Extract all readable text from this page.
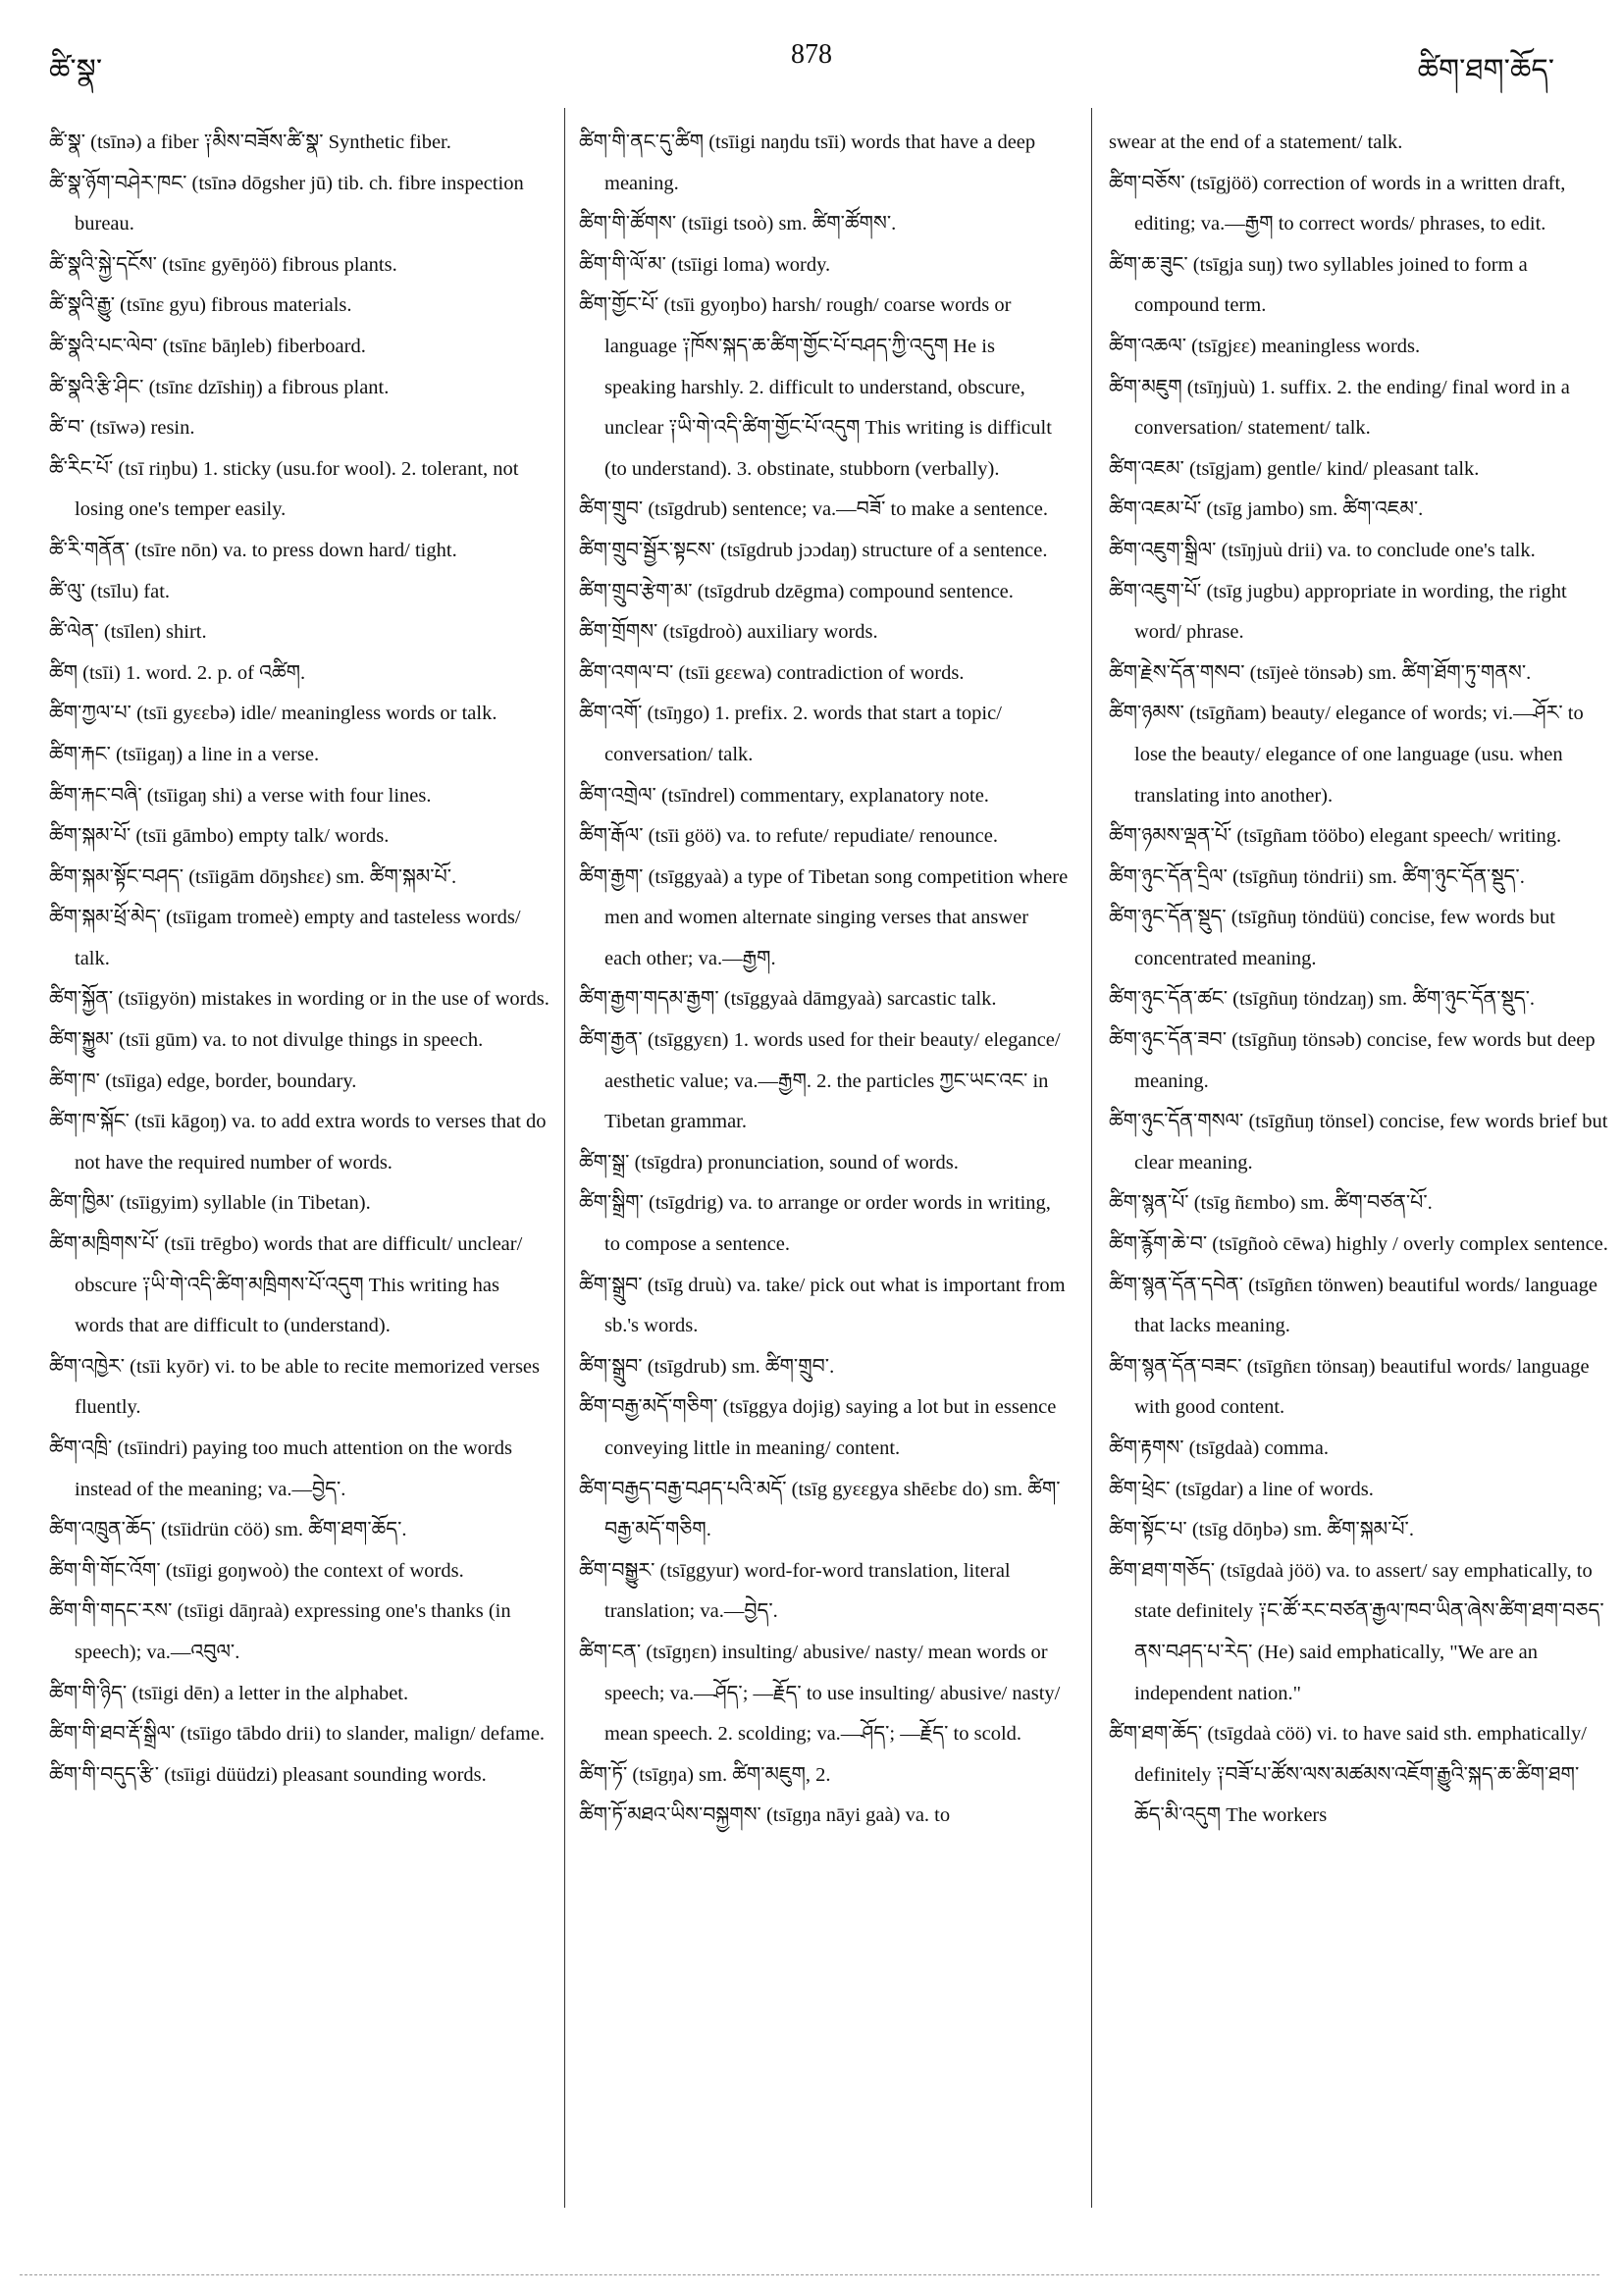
ཚི་སྣ་	878	ཚིག་ཐག་ཆོད་

ཚི་སྣ་ (tsīnə) a fiber ༑མིས་བཟོས་ཚི་སྣ་ Synthetic fiber.

ཚི་སྣ་ཉོག་བཤེར་ཁང་ (tsīnə dōgsher jū) tib. ch. fibre inspection bureau.

ཚི་སྣའི་སྐྱེ་དངོས་ (tsīnε gyēŋöö) fibrous plants.

ཚི་སྣའི་རྒྱུ་ (tsīnε gyu) fibrous materials.

ཚི་སྣའི་པང་ལེབ་ (tsīnε bāŋleb) fiberboard.

ཚི་སྣའི་རྩི་ཤིང་ (tsīnε dzīshiŋ) a fibrous plant.

ཚི་བ་ (tsīwə) resin.

ཚི་རིང་པོ་ (tsī riŋbu) 1. sticky (usu.for wool). 2. tolerant, not losing one's temper easily.

ཚི་རི་གནོན་ (tsīre nōn) va. to press down hard/ tight.

ཚི་ལུ་ (tsīlu) fat.

ཚི་ལེན་ (tsīlen) shirt.

ཚིག (tsīi) 1. word. 2. p. of འཚིག.

ཚིག་ཀྱལ་པ་ (tsīi gyεεbə) idle/ meaningless words or talk.

ཚིག་རྐང་ (tsīigaŋ) a line in a verse.

ཚིག་རྐང་བཞི་ (tsīigaŋ shi) a verse with four lines.

ཚིག་སྐམ་པོ་ (tsīi gāmbo) empty talk/ words.

ཚིག་སྐམ་སྟོང་བཤད་ (tsīigām dōŋshεε) sm. ཚིག་སྐམ་པོ་.

ཚིག་སྐམ་ཕྲོ་མེད་ (tsīigam tromeè) empty and tasteless words/ talk.

ཚིག་སྐྱོན་ (tsīigyön) mistakes in wording or in the use of words.

ཚིག་སྐྱུམ་ (tsīi gūm) va. to not divulge things in speech.

ཚིག་ཁ་ (tsīiga) edge, border, boundary.

ཚིག་ཁ་སྐོང་ (tsīi kāgoŋ) va. to add extra words to verses that do not have the required number of words.

ཚིག་ཁྱིམ་ (tsīigyim) syllable (in Tibetan).

ཚིག་མཁྲིགས་པོ་ (tsīi trēgbo) words that are difficult/ unclear/ obscure ༑ཡི་གེ་འདི་ཚིག་མཁྲིགས་པོ་འདུག This writing has words that are difficult to (understand).

ཚིག་འཁྱེར་ (tsīi kyōr) vi. to be able to recite memorized verses fluently.

ཚིག་འཁྲི་ (tsīindri) paying too much attention on the words instead of the meaning; va.—བྱེད་.

ཚིག་འཁྲུན་ཆོད་ (tsīidrün cöö) sm. ཚིག་ཐག་ཆོད་.

ཚིག་གི་གོང་འོག་ (tsīigi goŋwoò) the context of words.

ཚིག་གི་གདང་རས་ (tsīigi dāŋraà) expressing one's thanks (in speech); va.—འབུལ་.

ཚིག་གི་ཉིད་ (tsīigi dēn) a letter in the alphabet.

ཚིག་གི་ཐབ་རྡོ་སྒྲིལ་ (tsīigo tābdo drii) to slander, malign/ defame.

ཚིག་གི་བདུད་རྩི་ (tsīigi düüdzi) pleasant sounding words.

ཚིག་གི་ནང་དུ་ཚིག (tsīigi naŋdu tsīi) words that have a deep meaning.

ཚིག་གི་ཚོགས་ (tsīigi tsoò) sm. ཚིག་ཚོགས་.

ཚིག་གི་ལོ་མ་ (tsīigi loma) wordy.

ཚིག་གྱོང་པོ་ (tsīi gyoŋbo) harsh/ rough/ coarse words or language ༑ཁོས་སྐད་ཆ་ཚིག་གྱོང་པོ་བཤད་ཀྱི་འདུག He is speaking harshly. 2. difficult to understand, obscure, unclear ༑ཡི་གེ་འདི་ཚིག་གྱོང་པོ་འདུག This writing is difficult (to understand). 3. obstinate, stubborn (verbally).

ཚིག་གྲུབ་ (tsīgdrub) sentence; va.—བཟོ་ to make a sentence.

ཚིག་གྲུབ་སྦྱོར་སྟངས་ (tsīgdrub jɔɔdaŋ) structure of a sentence.

ཚིག་གྲུབ་རྩེག་མ་ (tsīgdrub dzēgma) compound sentence.

ཚིག་གྲོགས་ (tsīgdroò) auxiliary words.

ཚིག་འགལ་བ་ (tsīi gεεwa) contradiction of words.

ཚིག་འགོ་ (tsīŋgo) 1. prefix. 2. words that start a topic/ conversation/ talk.

ཚིག་འགྲེལ་ (tsīndrel) commentary, explanatory note.

ཚིག་རྒོལ་ (tsīi göö) va. to refute/ repudiate/ renounce.

ཚིག་རྒྱག་ (tsīggyaà) a type of Tibetan song competition where men and women alternate singing verses that answer each other; va.—རྒྱག.

ཚིག་རྒྱག་གདམ་རྒྱག་ (tsīggyaà dāmgyaà) sarcastic talk.

ཚིག་རྒྱན་ (tsīggyεn) 1. words used for their beauty/ elegance/ aesthetic value; va.—རྒྱག. 2. the particles ཀྱང་ཡང་འང་ in Tibetan grammar.

ཚིག་སྒྲ་ (tsīgdra) pronunciation, sound of words.

ཚིག་སྒྲིག་ (tsīgdrig) va. to arrange or order words in writing, to compose a sentence.

ཚིག་སྒྲུབ་ (tsīg druù) va. take/ pick out what is important from sb.'s words.

ཚིག་སྒྲུབ་ (tsīgdrub) sm. ཚིག་གྲུབ་.

ཚིག་བརྒྱ་མདོ་གཅིག་ (tsīggya dojig) saying a lot but in essence conveying little in meaning/ content.

ཚིག་བརྒྱད་བརྒྱ་བཤད་པའི་མདོ་ (tsīg gyεεgya shēεbε do) sm. ཚིག་བརྒྱ་མདོ་གཅིག.

ཚིག་བསྒྱུར་ (tsīggyur) word-for-word translation, literal translation; va.—བྱེད་.

ཚིག་ངན་ (tsīgŋεn) insulting/ abusive/ nasty/ mean words or speech; va.—ཤོད་; —རྗོད་ to use insulting/ abusive/ nasty/ mean speech. 2. scolding; va.—ཤོད་; —རྗོད་ to scold.

ཚིག་ཏོ་ (tsīgŋa) sm. ཚིག་མཇུག, 2.

ཚིག་ཏོ་མཐའ་ཡིས་བསྐྱགས་ (tsīgŋa nāyi gaà) va. to

swear at the end of a statement/ talk.

ཚིག་བཅོས་ (tsīgjöö) correction of words in a written draft, editing; va.—རྒྱག to correct words/ phrases, to edit.

ཚིག་ཆ་ཟུང་ (tsīgja suŋ) two syllables joined to form a compound term.

ཚིག་འཆལ་ (tsīgjεε) meaningless words.

ཚིག་མཇུག (tsīŋjuù) 1. suffix. 2. the ending/ final word in a conversation/ statement/ talk.

ཚིག་འཇམ་ (tsīgjam) gentle/ kind/ pleasant talk.

ཚིག་འཇམ་པོ་ (tsīg jambo) sm. ཚིག་འཇམ་.

ཚིག་འཇུག་སྒྲིལ་ (tsīŋjuù drii) va. to conclude one's talk.

ཚིག་འཇུག་པོ་ (tsīg jugbu) appropriate in wording, the right word/ phrase.

ཚིག་རྗེས་དོན་གསབ་ (tsījeè tönsəb) sm. ཚིག་ཐོག་ཏུ་གནས་.

ཚིག་ཉམས་ (tsīgñam) beauty/ elegance of words; vi.—ཤོར་ to lose the beauty/ elegance of one language (usu. when translating into another).

ཚིག་ཉམས་ལྡན་པོ་ (tsīgñam tööbo) elegant speech/ writing.

ཚིག་ཉུང་དོན་དྲིལ་ (tsīgñuŋ töndrii) sm. ཚིག་ཉུང་དོན་སྡུད་.

ཚིག་ཉུང་དོན་སྡུད་ (tsīgñuŋ töndüü) concise, few words but concentrated meaning.

ཚིག་ཉུང་དོན་ཚང་ (tsīgñuŋ töndzaŋ) sm. ཚིག་ཉུང་དོན་སྡུད་.

ཚིག་ཉུང་དོན་ཟབ་ (tsīgñuŋ tönsəb) concise, few words but deep meaning.

ཚིག་ཉུང་དོན་གསལ་ (tsīgñuŋ tönsel) concise, few words brief but clear meaning.

ཚིག་སྙན་པོ་ (tsīg ñεmbo) sm. ཚིག་བཙན་པོ་.

ཚིག་རྙོག་ཆེ་བ་ (tsīgñoò cēwa) highly / overly complex sentence.

ཚིག་སྙན་དོན་དབེན་ (tsīgñεn tönwen) beautiful words/ language that lacks meaning.

ཚིག་སྙན་དོན་བཟང་ (tsīgñεn tönsaŋ) beautiful words/ language with good content.

ཚིག་རྟགས་ (tsīgdaà) comma.

ཚིག་ཕྲེང་ (tsīgdar) a line of words.

ཚིག་སྟོང་པ་ (tsīg dōŋbə) sm. ཚིག་སྐམ་པོ་.

ཚིག་ཐག་གཅོད་ (tsīgdaà jöö) va. to assert/ say emphatically, to state definitely ༑ང་ཚོ་རང་བཙན་རྒྱལ་ཁབ་ཡིན་ཞེས་ཚིག་ཐག་བཅད་ནས་བཤད་པ་རེད་ (He) said emphatically, "We are an independent nation."

ཚིག་ཐག་ཆོད་ (tsīgdaà cöö) vi. to have said sth. emphatically/ definitely ༑བཟོ་པ་ཚོས་ལས་མཚམས་འཇོག་རྒྱུའི་སྐད་ཆ་ཚིག་ཐག་ཆོད་མི་འདུག The workers
